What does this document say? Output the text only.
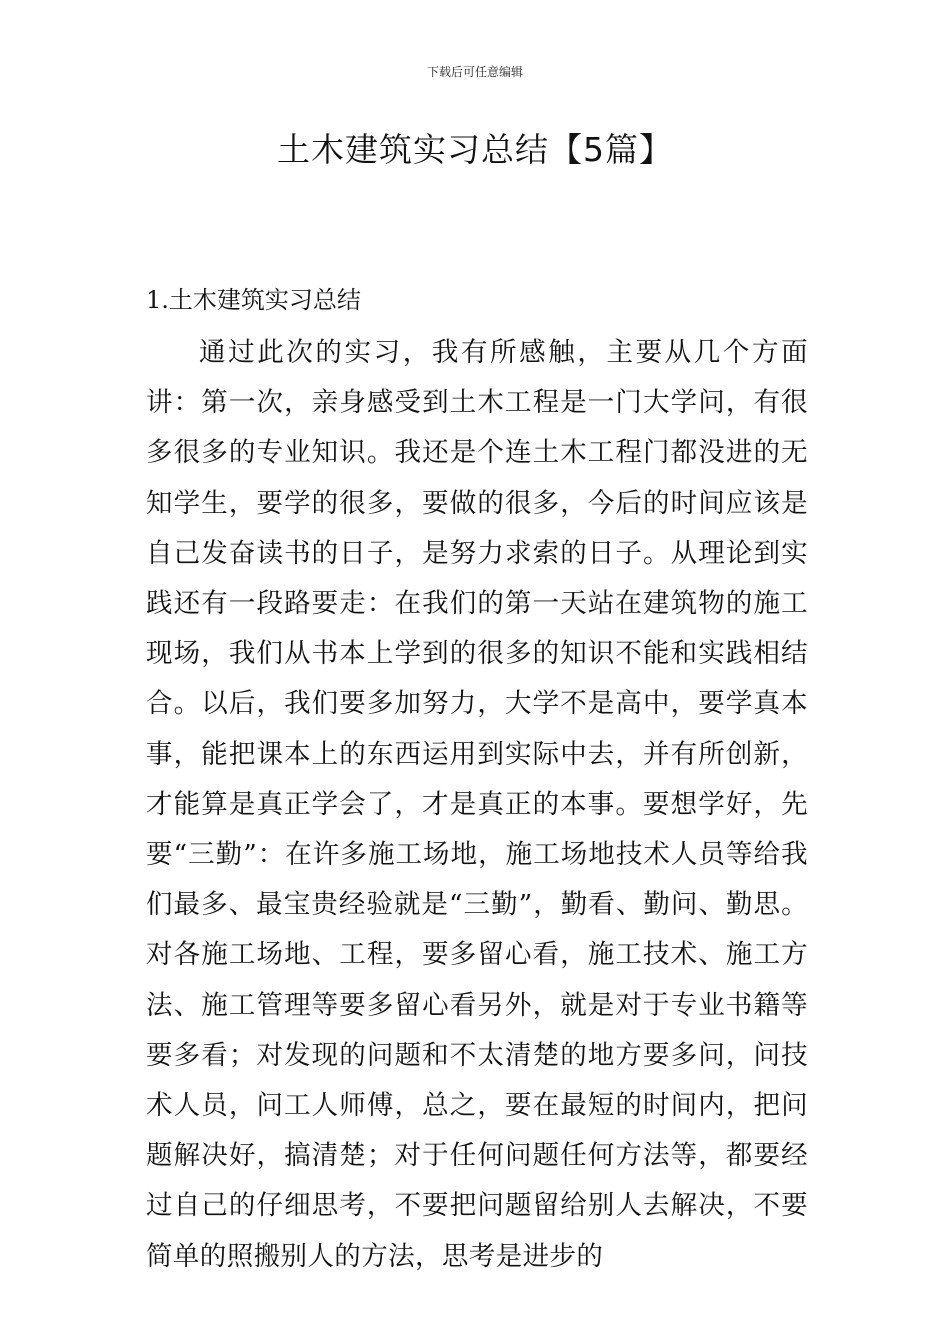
下载后可任意编辑
土木建筑实习总结【5篇】
1.土木建筑实习总结

通过此次的实习，我有所感触，主要从几个方面讲：第一次，亲身感受到土木工程是一门大学问，有很多很多的专业知识。我还是个连土木工程门都没进的无知学生，要学的很多，要做的很多，今后的时间应该是自己发奋读书的日子，是努力求索的日子。从理论到实践还有一段路要走：在我们的第一天站在建筑物的施工现场，我们从书本上学到的很多的知识不能和实践相结合。以后，我们要多加努力，大学不是高中，要学真本事，能把课本上的东西运用到实际中去，并有所创新，才能算是真正学会了，才是真正的本事。要想学好，先要“三勤”：在许多施工场地，施工场地技术人员等给我们最多、最宝贵经验就是“三勤”，勤看、勤问、勤思。对各施工场地、工程，要多留心看，施工技术、施工方法、施工管理等要多留心看另外，就是对于专业书籍等要多看；对发现的问题和不太清楚的地方要多问，问技术人员，问工人师傅，总之，要在最短的时间内，把问题解决好，搞清楚；对于任何问题任何方法等，都要经过自己的仔细思考，不要把问题留给别人去解决，不要简单的照搬别人的方法，思考是进步的
